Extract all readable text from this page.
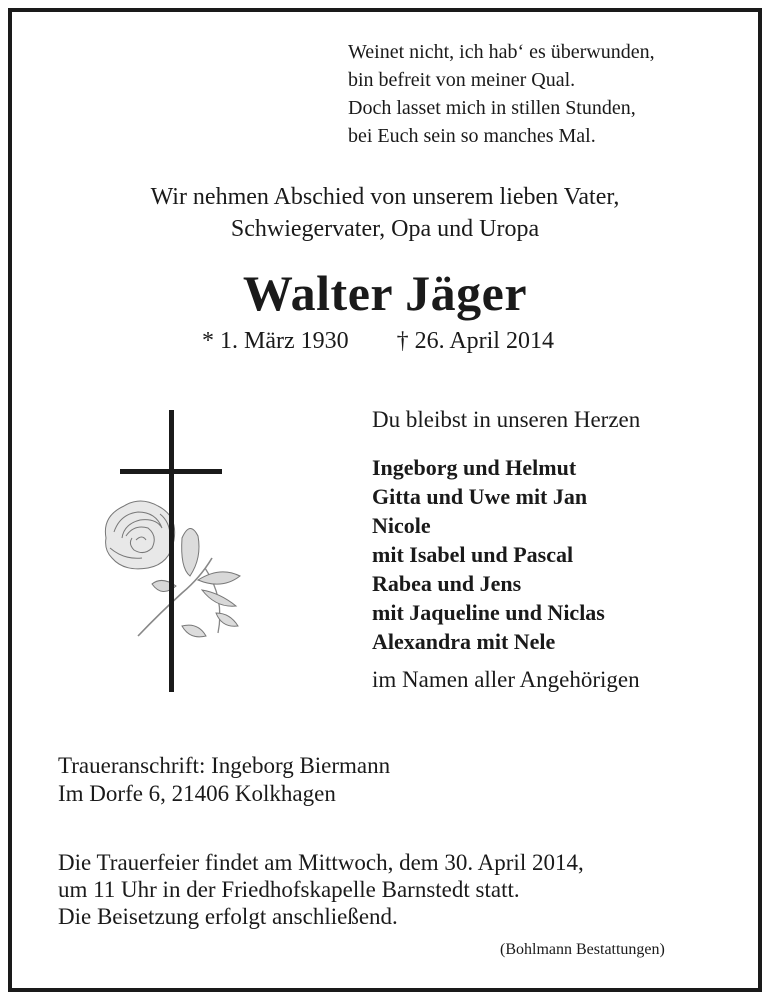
Weinet nicht, ich hab‘ es überwunden,
bin befreit von meiner Qual.
Doch lasset mich in stillen Stunden,
bei Euch sein so manches Mal.
Wir nehmen Abschied von unserem lieben Vater,
Schwiegervater, Opa und Uropa
Walter Jäger
* 1. März 1930 † 26. April 2014
Du bleibst in unseren Herzen
Ingeborg und Helmut
Gitta und Uwe mit Jan
Nicole
mit Isabel und Pascal
Rabea und Jens
mit Jaqueline und Niclas
Alexandra mit Nele
im Namen aller Angehörigen
Traueranschrift: Ingeborg Biermann
Im Dorfe 6, 21406 Kolkhagen
Die Trauerfeier findet am Mittwoch, dem 30. April 2014,
um 11 Uhr in der Friedhofskapelle Barnstedt statt.
Die Beisetzung erfolgt anschließend.
(Bohlmann Bestattungen)
